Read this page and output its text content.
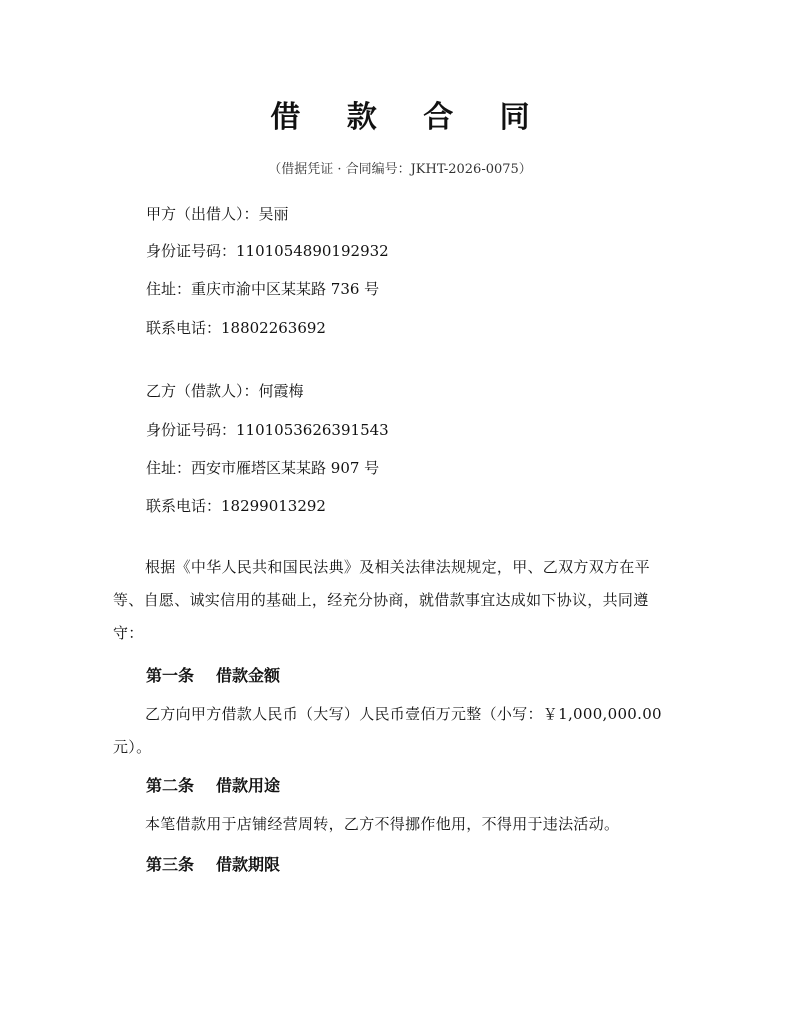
借 款 合 同
（借据凭证 · 合同编号：JKHT-2026-0075）
甲方（出借人）：吴丽
身份证号码：1101054890192932
住址：重庆市渝中区某某路 736 号
联系电话：18802263692
乙方（借款人）：何霞梅
身份证号码：1101053626391543
住址：西安市雁塔区某某路 907 号
联系电话：18299013292
根据《中华人民共和国民法典》及相关法律法规规定，甲、乙双方双方在平等、自愿、诚实信用的基础上，经充分协商，就借款事宜达成如下协议，共同遵守：
第一条 借款金额
乙方向甲方借款人民币（大写）人民币壹佰万元整（小写：￥1,000,000.00元）。
第二条 借款用途
本笔借款用于店铺经营周转，乙方不得挪作他用，不得用于违法活动。
第三条 借款期限
